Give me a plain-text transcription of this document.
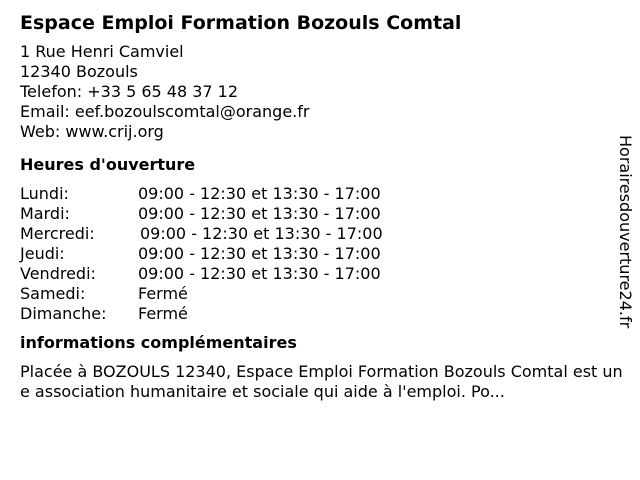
Espace Emploi Formation Bozouls Comtal
1 Rue Henri Camviel
12340 Bozouls
Telefon: +33 5 65 48 37 12
Email: eef.bozoulscomtal@orange.fr
Web: www.crij.org
Heures d'ouverture
Lundi:	09:00 - 12:30 et 13:30 - 17:00
Mardi:	09:00 - 12:30 et 13:30 - 17:00
Mercredi:	09:00 - 12:30 et 13:30 - 17:00
Jeudi:	09:00 - 12:30 et 13:30 - 17:00
Vendredi:	09:00 - 12:30 et 13:30 - 17:00
Samedi:	Fermé
Dimanche:	Fermé
informations complémentaires
Placée à BOZOULS 12340, Espace Emploi Formation Bozouls Comtal est une association humanitaire et sociale qui aide à l'emploi. Po...
Horairesdouverture24.fr
